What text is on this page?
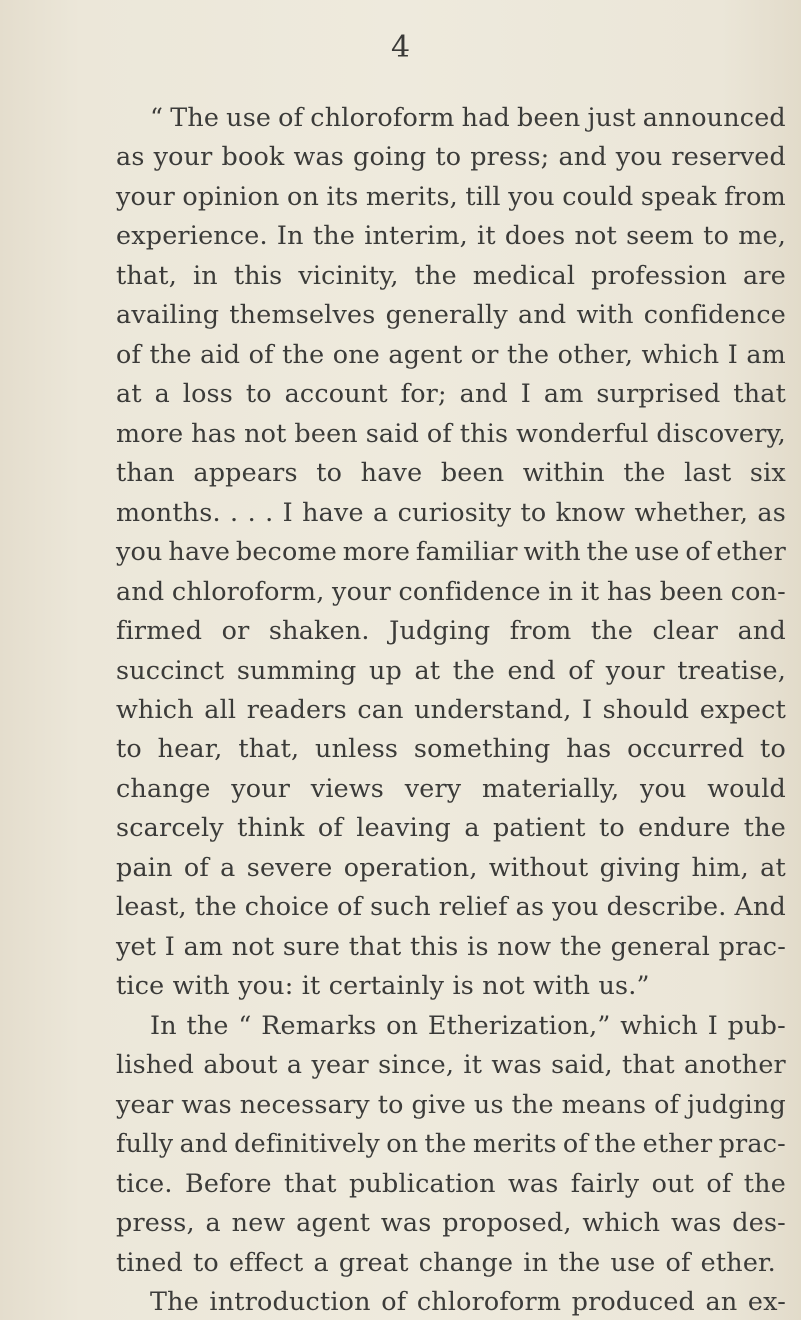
4
“ The use of chloroform had been just announced
as your book was going to press; and you reserved
your opinion on its merits, till you could speak from
experience. In the interim, it does not seem to me,
that, in this vicinity, the medical profession are
availing themselves generally and with confidence
of the aid of the one agent or the other, which I am
at a loss to account for; and I am surprised that
more has not been said of this wonderful discovery,
than appears to have been within the last six
months. . . . I have a curiosity to know whether, as
you have become more familiar with the use of ether
and chloroform, your confidence in it has been con-
firmed or shaken. Judging from the clear and
succinct summing up at the end of your treatise,
which all readers can understand, I should expect
to hear, that, unless something has occurred to
change your views very materially, you would
scarcely think of leaving a patient to endure the
pain of a severe operation, without giving him, at
least, the choice of such relief as you describe. And
yet I am not sure that this is now the general prac-
tice with you: it certainly is not with us.”
In the “ Remarks on Etherization,” which I pub-
lished about a year since, it was said, that another
year was necessary to give us the means of judging
fully and definitively on the merits of the ether prac-
tice. Before that publication was fairly out of the
press, a new agent was proposed, which was des-
tined to effect a great change in the use of ether.
The introduction of chloroform produced an ex-
